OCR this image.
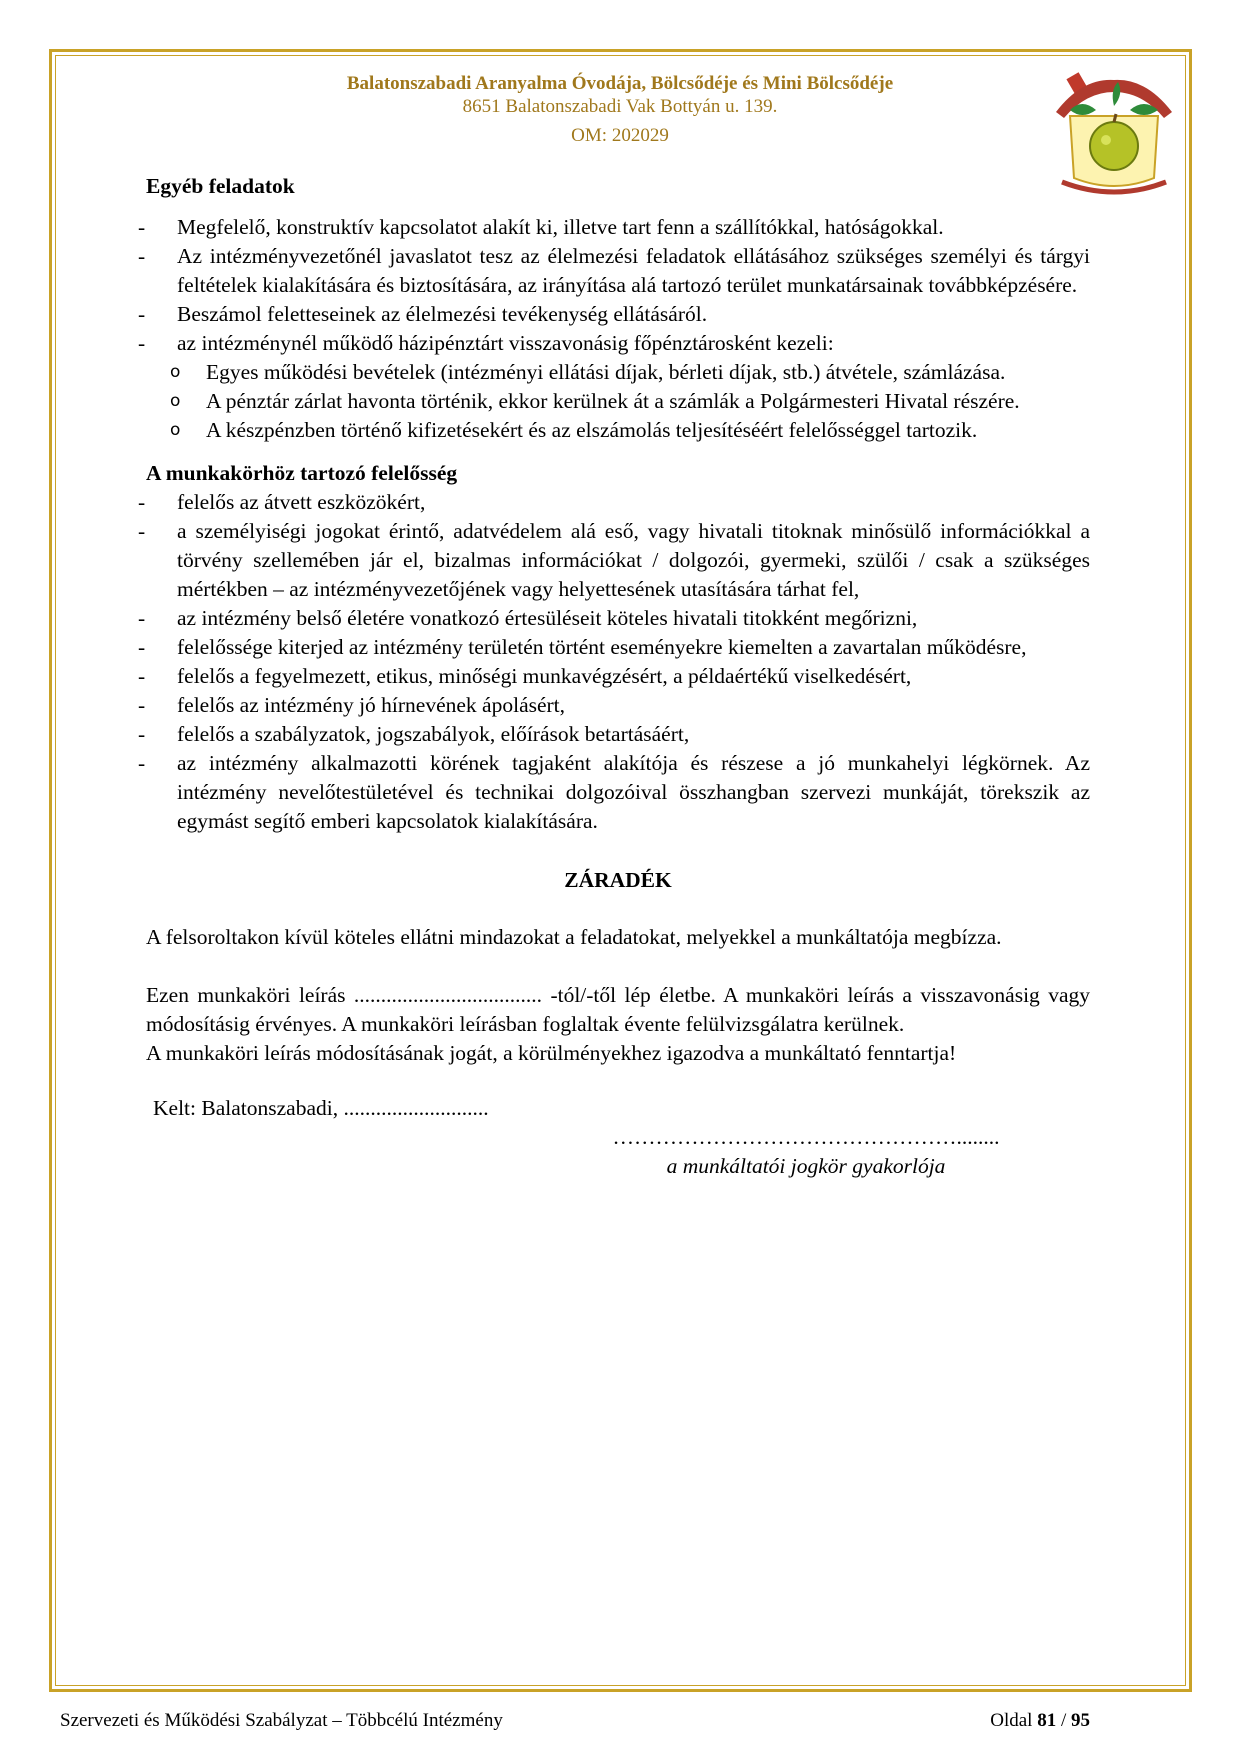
Balatonszabadi Aranyalma Óvodája, Bölcsődéje és Mini Bölcsődéje
8651 Balatonszabadi Vak Bottyán u. 139.
OM: 202029

Egyéb feladatok

- Megfelelő, konstruktív kapcsolatot alakít ki, illetve tart fenn a szállítókkal, hatóságokkal.
- Az intézményvezetőnél javaslatot tesz az élelmezési feladatok ellátásához szükséges személyi és tárgyi feltételek kialakítására és biztosítására, az irányítása alá tartozó terület munkatársainak továbbképzésére.
- Beszámol feletteseinek az élelmezési tevékenység ellátásáról.
- az intézménynél működő házipénztárt visszavonásig főpénztárosként kezeli:
o Egyes működési bevételek (intézményi ellátási díjak, bérleti díjak, stb.) átvétele, számlázása.
o A pénztár zárlat havonta történik, ekkor kerülnek át a számlák a Polgármesteri Hivatal részére.
o A készpénzben történő kifizetésekért és az elszámolás teljesítéséért felelősséggel tartozik.

A munkakörhöz tartozó felelősség

- felelős az átvett eszközökért,
- a személyiségi jogokat érintő, adatvédelem alá eső, vagy hivatali titoknak minősülő információkkal a törvény szellemében jár el, bizalmas információkat / dolgozói, gyermeki, szülői / csak a szükséges mértékben – az intézményvezetőjének vagy helyettesének utasítására tárhat fel,
- az intézmény belső életére vonatkozó értesüléseit köteles hivatali titokként megőrizni,
- felelőssége kiterjed az intézmény területén történt eseményekre kiemelten a zavartalan működésre,
- felelős a fegyelmezett, etikus, minőségi munkavégzésért, a példaértékű viselkedésért,
- felelős az intézmény jó hírnevének ápolásért,
- felelős a szabályzatok, jogszabályok, előírások betartásáért,
- az intézmény alkalmazotti körének tagjaként alakítója és részese a jó munkahelyi légkörnek. Az intézmény nevelőtestületével és technikai dolgozóival összhangban szervezi munkáját, törekszik az egymást segítő emberi kapcsolatok kialakítására.

ZÁRADÉK

A felsoroltakon kívül köteles ellátni mindazokat a feladatokat, melyekkel a munkáltatója megbízza.

Ezen munkaköri leírás ................................... -tól/-től lép életbe. A munkaköri leírás a visszavonásig vagy módosításig érvényes. A munkaköri leírásban foglaltak évente felülvizsgálatra kerülnek.

A munkaköri leírás módosításának jogát, a körülményekhez igazodva a munkáltató fenntartja!

Kelt: Balatonszabadi, ...........................

…………………………………………........
a munkáltatói jogkör gyakorlója
Szervezeti és Működési Szabályzat – Többcélú Intézmény	Oldal 81 / 95
